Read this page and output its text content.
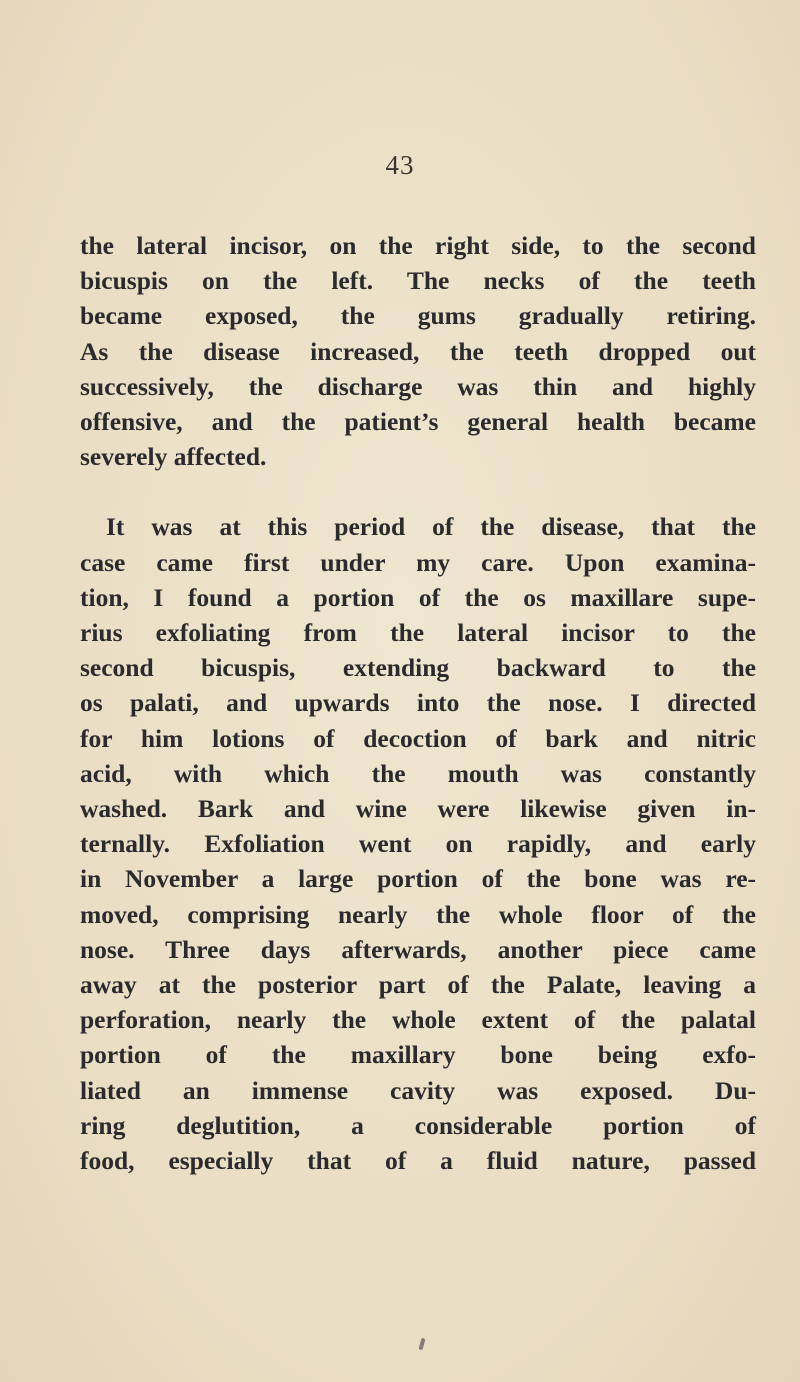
43

the lateral incisor, on the right side, to the second
bicuspis on the left. The necks of the teeth
became exposed, the gums gradually retiring.
As the disease increased, the teeth dropped out
successively, the discharge was thin and highly
offensive, and the patient’s general health became
severely affected.

It was at this period of the disease, that the
case came first under my care. Upon examina-
tion, I found a portion of the os maxillare supe-
rius exfoliating from the lateral incisor to the
second bicuspis, extending backward to the
os palati, and upwards into the nose. I directed
for him lotions of decoction of bark and nitric
acid, with which the mouth was constantly
washed. Bark and wine were likewise given in-
ternally. Exfoliation went on rapidly, and early
in November a large portion of the bone was re-
moved, comprising nearly the whole floor of the
nose. Three days afterwards, another piece came
away at the posterior part of the Palate, leaving a
perforation, nearly the whole extent of the palatal
portion of the maxillary bone being exfo-
liated an immense cavity was exposed. Du-
ring deglutition, a considerable portion of
food, especially that of a fluid nature, passed
